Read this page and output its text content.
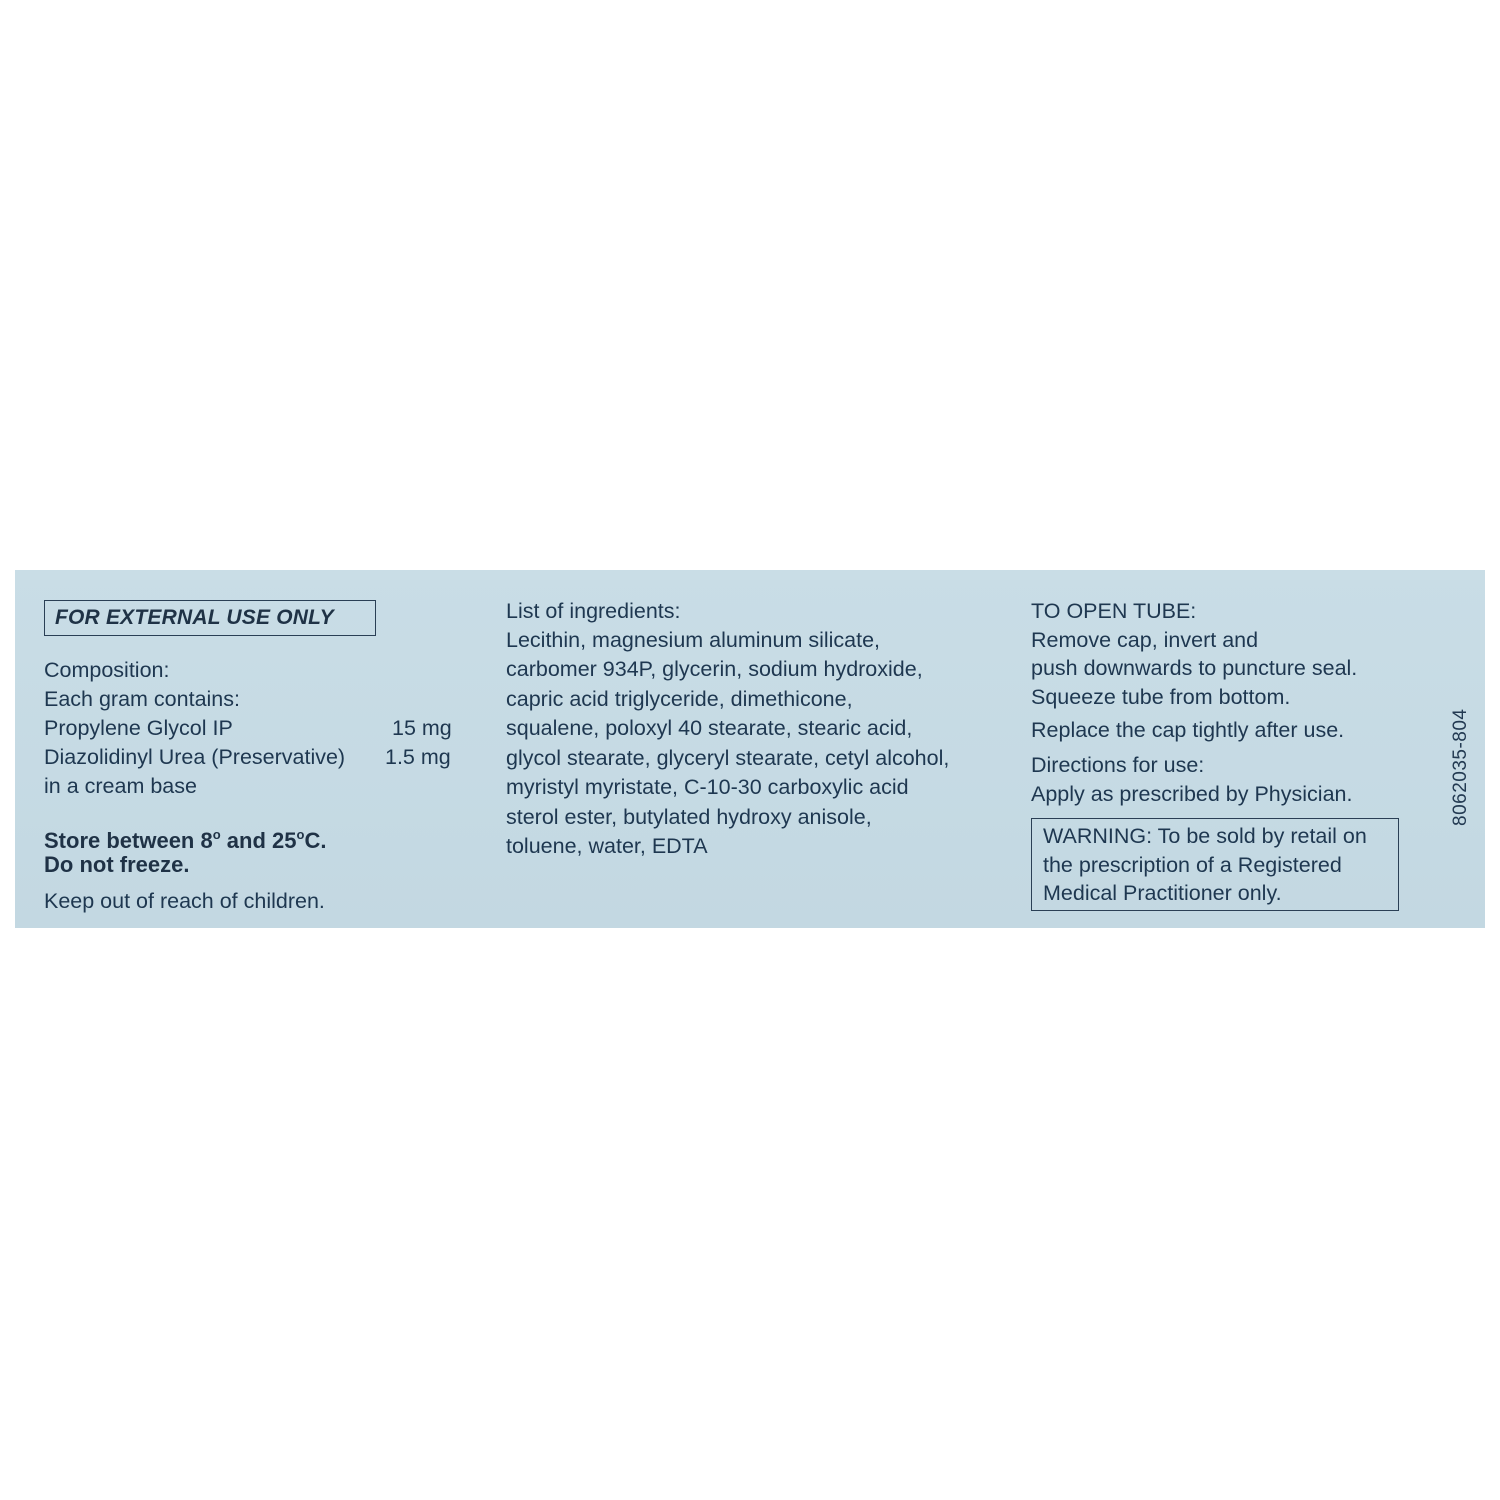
FOR EXTERNAL USE ONLY
Composition:
Each gram contains:
Propylene Glycol IP	15 mg
Diazolidinyl Urea (Preservative) 1.5 mg
in a cream base
Store between 8$^o$ and 25$^o$C.
Do not freeze.
Keep out of reach of children.
List of ingredients:
Lecithin, magnesium aluminum silicate,
carbomer 934P, glycerin, sodium hydroxide,
capric acid triglyceride, dimethicone,
squalene, poloxyl 40 stearate, stearic acid,
glycol stearate, glyceryl stearate, cetyl alcohol,
myristyl myristate, C-10-30 carboxylic acid
sterol ester, butylated hydroxy anisole,
toluene, water, EDTA
TO OPEN TUBE:
Remove cap, invert and
push downwards to puncture seal.
Squeeze tube from bottom.
Replace the cap tightly after use.
Directions for use:
Apply as prescribed by Physician.
WARNING: To be sold by retail on
the prescription of a Registered
Medical Practitioner only.
8062035-804
